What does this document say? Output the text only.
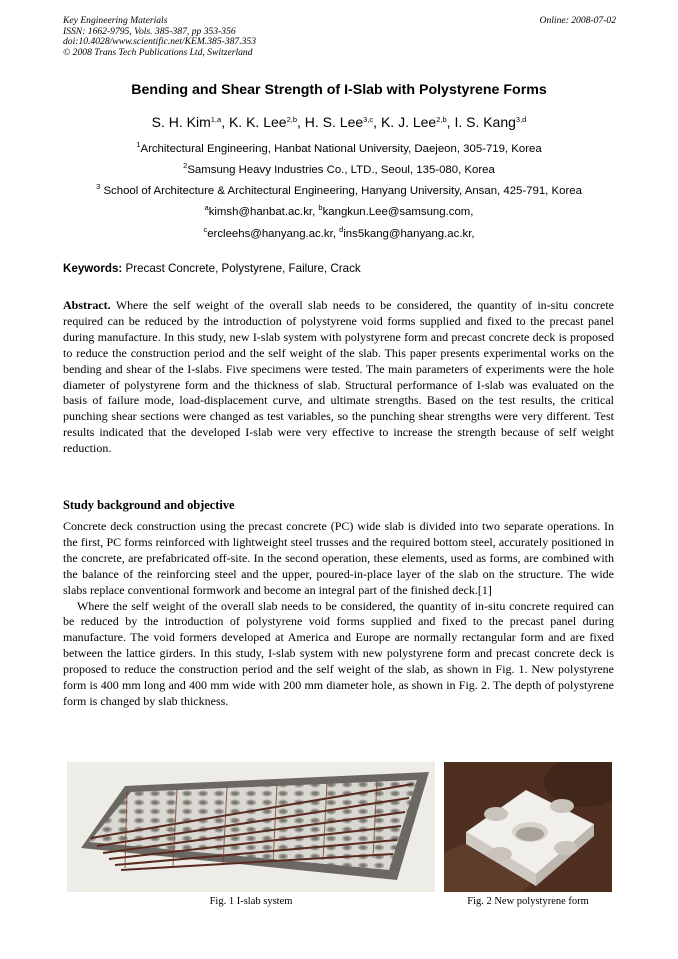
Key Engineering Materials
ISSN: 1662-9795, Vols. 385-387, pp 353-356
doi:10.4028/www.scientific.net/KEM.385-387.353
© 2008 Trans Tech Publications Ltd, Switzerland
Online: 2008-07-02
Bending and Shear Strength of I-Slab with Polystyrene Forms
S. H. Kim$^{1,a}$, K. K. Lee$^{2,b}$, H. S. Lee$^{3,c}$, K. J. Lee$^{2,b}$, I. S. Kang$^{3,d}$
$^1$Architectural Engineering, Hanbat National University, Daejeon, 305-719, Korea
$^2$Samsung Heavy Industries Co., LTD., Seoul, 135-080, Korea
$^3$ School of Architecture & Architectural Engineering, Hanyang University, Ansan, 425-791, Korea
$^a$kimsh@hanbat.ac.kr, $^b$kangkun.Lee@samsung.com,
$^c$ercleehs@hanyang.ac.kr, $^d$ins5kang@hanyang.ac.kr,
Keywords: Precast Concrete, Polystyrene, Failure, Crack

Abstract. Where the self weight of the overall slab needs to be considered, the quantity of in-situ concrete required can be reduced by the introduction of polystyrene void forms supplied and fixed to the precast panel during manufacture. In this study, new I-slab system with polystyrene form and precast concrete deck is proposed to reduce the construction period and the self weight of the slab. This paper presents experimental works on the bending and shear of the I-slabs. Five specimens were tested. The main parameters of experiments were the hole diameter of polystyrene form and the thickness of slab. Structural performance of I-slab was evaluated on the basis of failure mode, load-displacement curve, and ultimate strengths. Based on the test results, the critical punching shear sections were changed as test variables, so the punching shear strengths were very different. Test results indicated that the developed I-slab were very effective to increase the strength because of self weight reduction.

Study background and objective

Concrete deck construction using the precast concrete (PC) wide slab is divided into two separate operations. In the first, PC forms reinforced with lightweight steel trusses and the required bottom steel, accurately positioned in the concrete, are prefabricated off-site. In the second operation, these elements, used as forms, are combined with the balance of the reinforcing steel and the upper, poured-in-place layer of the slab on the structure. The wide slabs replace conventional formwork and become an integral part of the finished deck.[1]

Where the self weight of the overall slab needs to be considered, the quantity of in-situ concrete required can be reduced by the introduction of polystyrene void forms supplied and fixed to the precast panel during manufacture. The void formers developed at America and Europe are normally rectangular form and are fixed between the lattice girders. In this study, I-slab system with new polystyrene form and precast concrete deck is proposed to reduce the construction period and the self weight of the slab, as shown in Fig. 1. New polystyrene form is 400 mm long and 400 mm wide with 200 mm diameter hole, as shown in Fig. 2. The depth of polystyrene form is changed by slab thickness.

Fig. 1 I-slab system	Fig. 2 New polystyrene form
